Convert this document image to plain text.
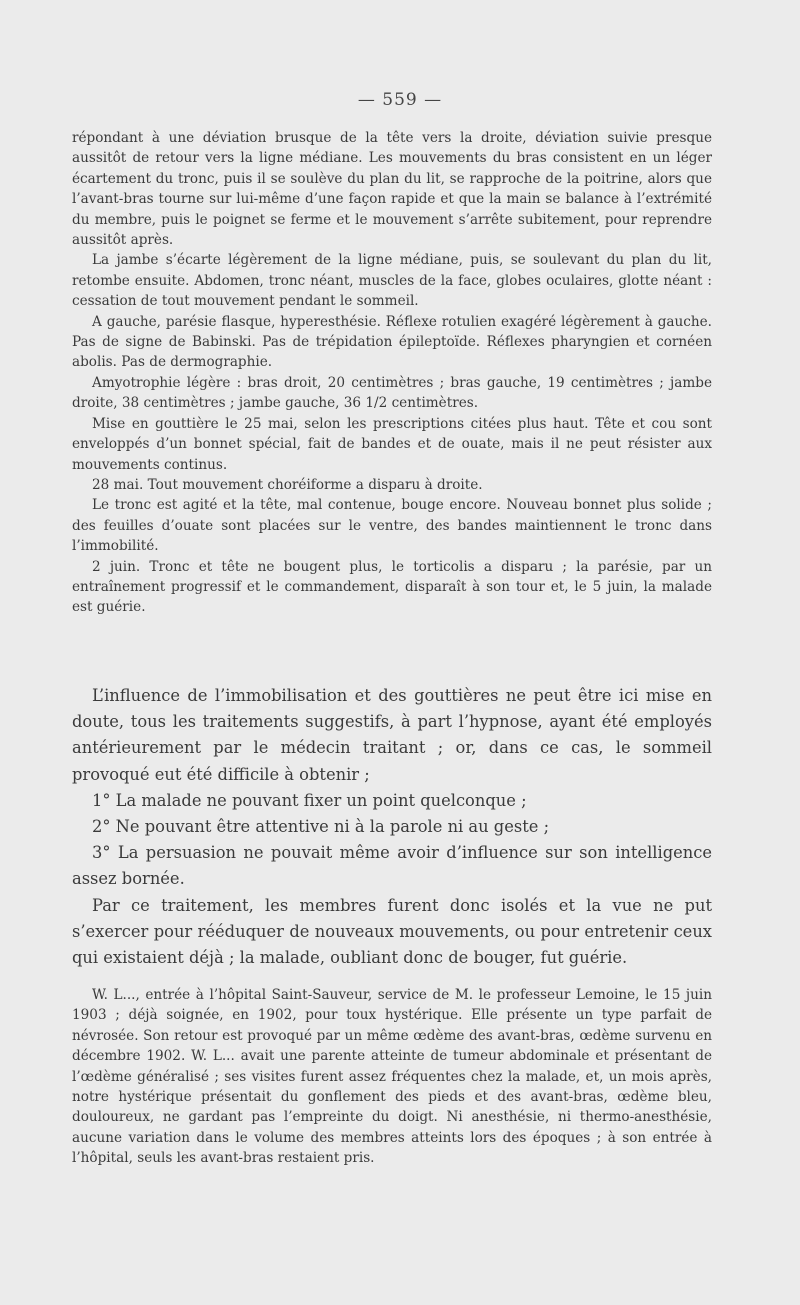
— 559 —

répondant à une déviation brusque de la tête vers la droite, déviation suivie presque aussitôt de retour vers la ligne médiane. Les mouvements du bras consistent en un léger écartement du tronc, puis il se soulève du plan du lit, se rapproche de la poitrine, alors que l’avant-bras tourne sur lui-même d’une façon rapide et que la main se balance à l’extrémité du membre, puis le poignet se ferme et le mouvement s’arrête subitement, pour reprendre aussitôt après.

La jambe s’écarte légèrement de la ligne médiane, puis, se soulevant du plan du lit, retombe ensuite. Abdomen, tronc néant, muscles de la face, globes oculaires, glotte néant : cessation de tout mouvement pendant le sommeil.

A gauche, parésie flasque, hyperesthésie. Réflexe rotulien exagéré légèrement à gauche. Pas de signe de Babinski. Pas de trépidation épileptoïde. Réflexes pharyngien et cornéen abolis. Pas de dermographie.

Amyotrophie légère : bras droit, 20 centimètres ; bras gauche, 19 centimètres ; jambe droite, 38 centimètres ; jambe gauche, 36 1/2 centimètres.

Mise en gouttière le 25 mai, selon les prescriptions citées plus haut. Tête et cou sont enveloppés d’un bonnet spécial, fait de bandes et de ouate, mais il ne peut résister aux mouvements continus.

28 mai. Tout mouvement choréiforme a disparu à droite.

Le tronc est agité et la tête, mal contenue, bouge encore. Nouveau bonnet plus solide ; des feuilles d’ouate sont placées sur le ventre, des bandes maintiennent le tronc dans l’immobilité.

2 juin. Tronc et tête ne bougent plus, le torticolis a disparu ; la parésie, par un entraînement progressif et le commandement, disparaît à son tour et, le 5 juin, la malade est guérie.

L’influence de l’immobilisation et des gouttières ne peut être ici mise en doute, tous les traitements suggestifs, à part l’hypnose, ayant été employés antérieurement par le médecin traitant ; or, dans ce cas, le sommeil provoqué eut été difficile à obtenir ;

1° La malade ne pouvant fixer un point quelconque ;

2° Ne pouvant être attentive ni à la parole ni au geste ;

3° La persuasion ne pouvait même avoir d’influence sur son intelligence assez bornée.

Par ce traitement, les membres furent donc isolés et la vue ne put s’exercer pour rééduquer de nouveaux mouvements, ou pour entretenir ceux qui existaient déjà ; la malade, oubliant donc de bouger, fut guérie.

W. L..., entrée à l’hôpital Saint-Sauveur, service de M. le professeur Lemoine, le 15 juin 1903 ; déjà soignée, en 1902, pour toux hystérique. Elle présente un type parfait de névrosée. Son retour est provoqué par un même œdème des avant-bras, œdème survenu en décembre 1902. W. L... avait une parente atteinte de tumeur abdominale et présentant de l’œdème généralisé ; ses visites furent assez fréquentes chez la malade, et, un mois après, notre hystérique présentait du gonflement des pieds et des avant-bras, œdème bleu, douloureux, ne gardant pas l’empreinte du doigt. Ni anesthésie, ni thermo-anesthésie, aucune variation dans le volume des membres atteints lors des époques ; à son entrée à l’hôpital, seuls les avant-bras restaient pris.
